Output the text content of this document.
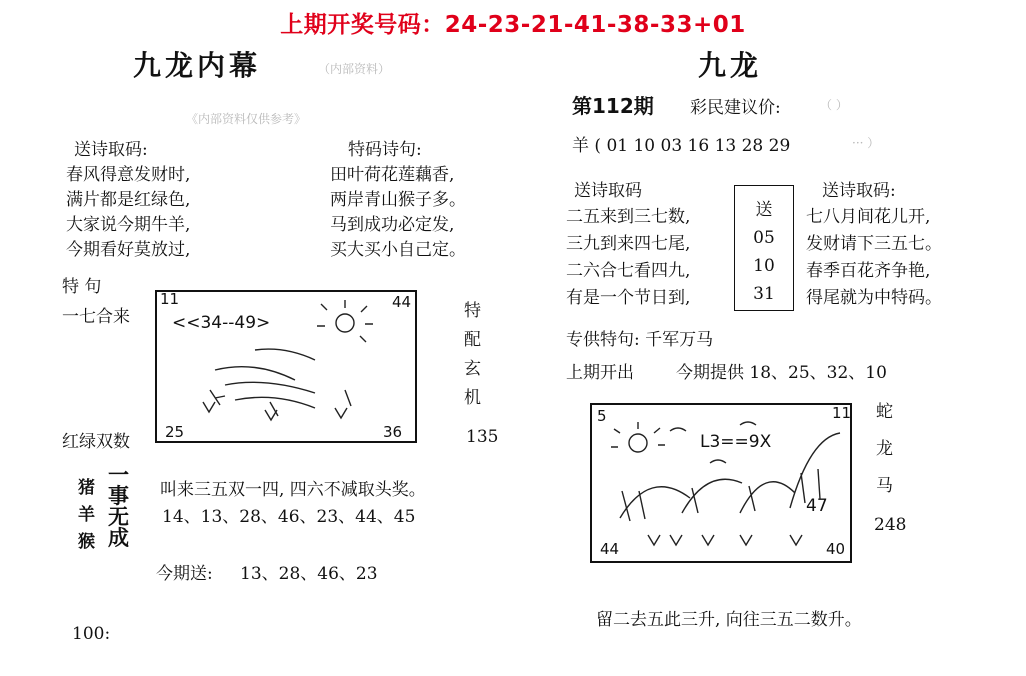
上期开奖号码：24-23-21-41-38-33+01
九龙内幕	（内部资料）
《内部资料仅供参考》
送诗取码:	特码诗句:
春风得意发财时,
满片都是红绿色,
大家说今期牛羊,
今期看好莫放过,
田叶荷花莲藕香,
两岸青山猴子多。
马到成功必定发,
买大买小自己定。
特 句
一七合来
红绿双数
11	44
25	36
<<34--49>
特
配
玄
机
135
猪
羊
猴
一
事
无
成
叫来三五双一四, 四六不减取头奖。
14、13、28、46、23、44、45
今期送: 13、28、46、23
100:
九龙
第112期 彩民建议价:	（ ）
羊 ( 01 10 03 16 13 28 29	··· ）
送诗取码	送诗取码:
二五来到三七数,
三九到来四七尾,
二六合七看四九,
有是一个节日到,
七八月间花儿开,
发财请下三五七。
春季百花齐争艳,
得尾就为中特码。
送
05
10
31
专供特句: 千军万马
上期开出 今期提供 18、25、32、10
5	11
44	40
L3==9X
47
蛇
龙
马
248
留二去五此三升, 向往三五二数升。
